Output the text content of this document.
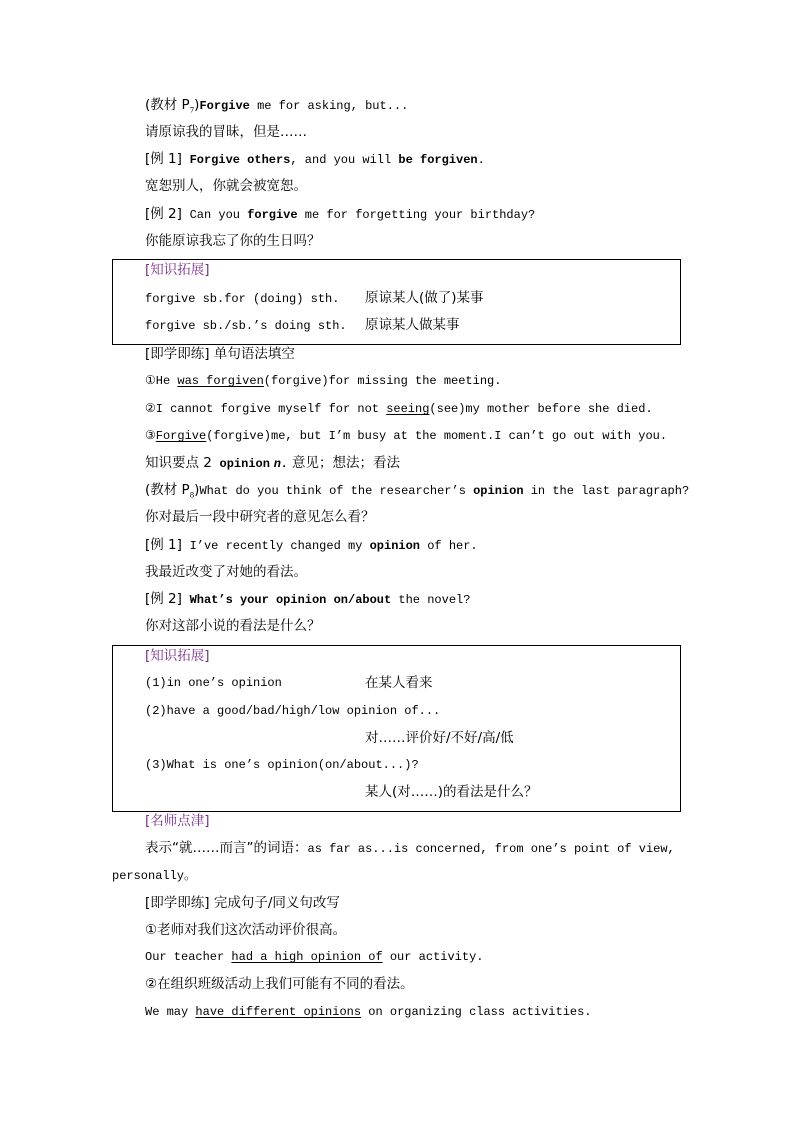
(教材 $P_7)Forgive$ me for asking, but...
请原谅我的冒昧，但是……
[例 1] Forgive others, and you will be forgiven.
宽恕别人，你就会被宽恕。
[例 2] Can you forgive me for forgetting your birthday?
你能原谅我忘了你的生日吗？
[知识拓展]
forgive sb.for (doing) sth. 原谅某人(做了)某事
forgive sb./sb.’s doing sth. 原谅某人做某事
[即学即练] 单句语法填空
①He was forgiven(forgive)for missing the meeting.
②I cannot forgive myself for not seeing(see)my mother before she died.
③Forgive(forgive)me, but I’m busy at the moment.I can’t go out with you.
知识要点 2 opinion n. 意见；想法；看法
(教材 $P_8)What$ do you think of the researcher’s opinion in the last paragraph?
你对最后一段中研究者的意见怎么看？
[例 1] I’ve recently changed my opinion of her.
我最近改变了对她的看法。
[例 2] What’s your opinion on/about the novel?
你对这部小说的看法是什么？
[知识拓展]
(1)in one’s opinion	在某人看来
(2)have a good/bad/high/low opinion of...
对……评价好/不好/高/低
(3)What is one’s opinion(on/about...)?
某人(对……)的看法是什么？
[名师点津]
表示“就……而言”的词语：as far as...is concerned, from one’s point of view,
personally。
[即学即练] 完成句子/同义句改写
①老师对我们这次活动评价很高。
Our teacher had a high opinion of our activity.
②在组织班级活动上我们可能有不同的看法。
We may have different opinions on organizing class activities.
